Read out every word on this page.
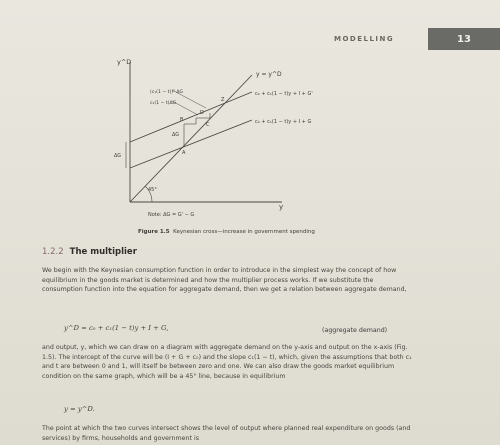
MODELLING	13
y^D
y
y = y^D
c₀ + c₁(1 − t)y + I + G'
c₀ + c₁(1 − t)y + I + G
(c₁(1 − t))² ΔG
c₁(1 − t)ΔG
ΔG
ΔG
45°
A
B
C
D
Z
Note: ΔG = G' − G
Figure 1.5 Keynesian cross—increase in government spending
1.2.2 The multiplier
We begin with the Keynesian consumption function in order to introduce in the simplest way the concept of how equilibrium in the goods market is determined and how the multiplier process works. If we substitute the consumption function into the equation for aggregate demand, then we get a relation between aggregate demand,
y^D = c₀ + c₁(1 − t)y + I + G,	(aggregate demand)
and output, y, which we can draw on a diagram with aggregate demand on the y-axis and output on the x-axis (Fig. 1.5). The intercept of the curve will be (I + G + c₀) and the slope c₁(1 − t), which, given the assumptions that both c₁ and t are between 0 and 1, will itself be between zero and one. We can also draw the goods market equilibrium condition on the same graph, which will be a 45° line, because in equilibrium
y = y^D.
The point at which the two curves intersect shows the level of output where planned real expenditure on goods (and services) by firms, households and government is
